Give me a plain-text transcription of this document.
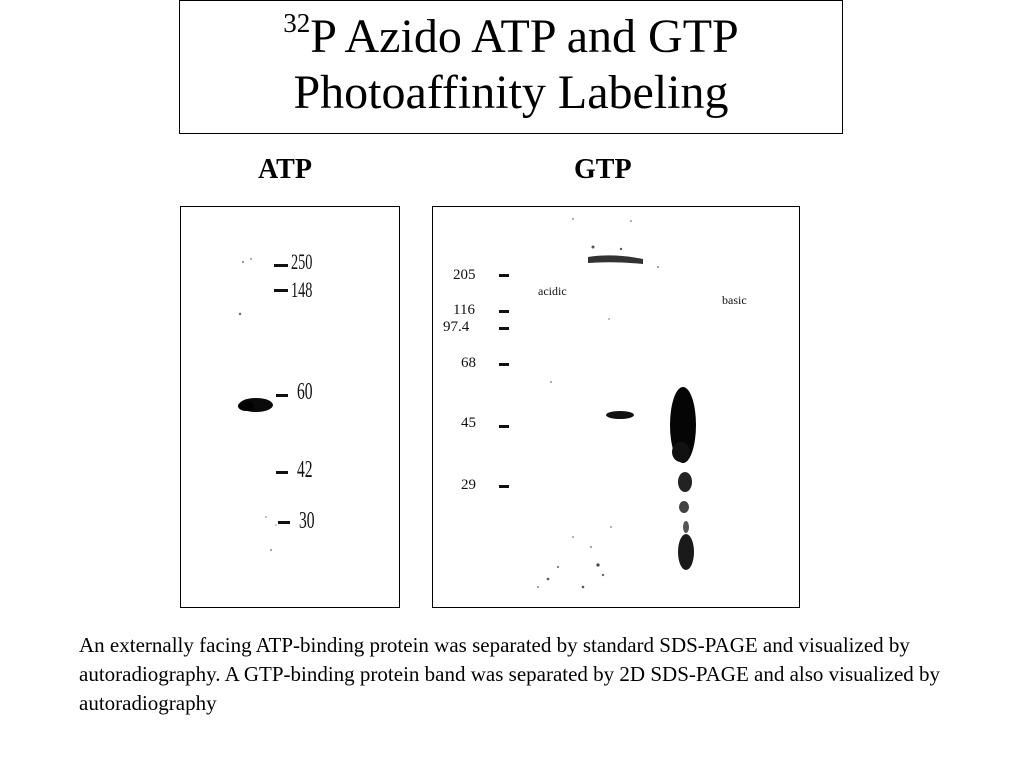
$^{32}$P Azido ATP and GTP
Photoaffinity Labeling
ATP	GTP
250
148
60
42
30
205
116
97.4
68
45
29
acidic
basic
An externally facing ATP-binding protein was separated by standard SDS-PAGE and visualized by autoradiography. A GTP-binding protein band was separated by 2D SDS-PAGE and also visualized by autoradiography
